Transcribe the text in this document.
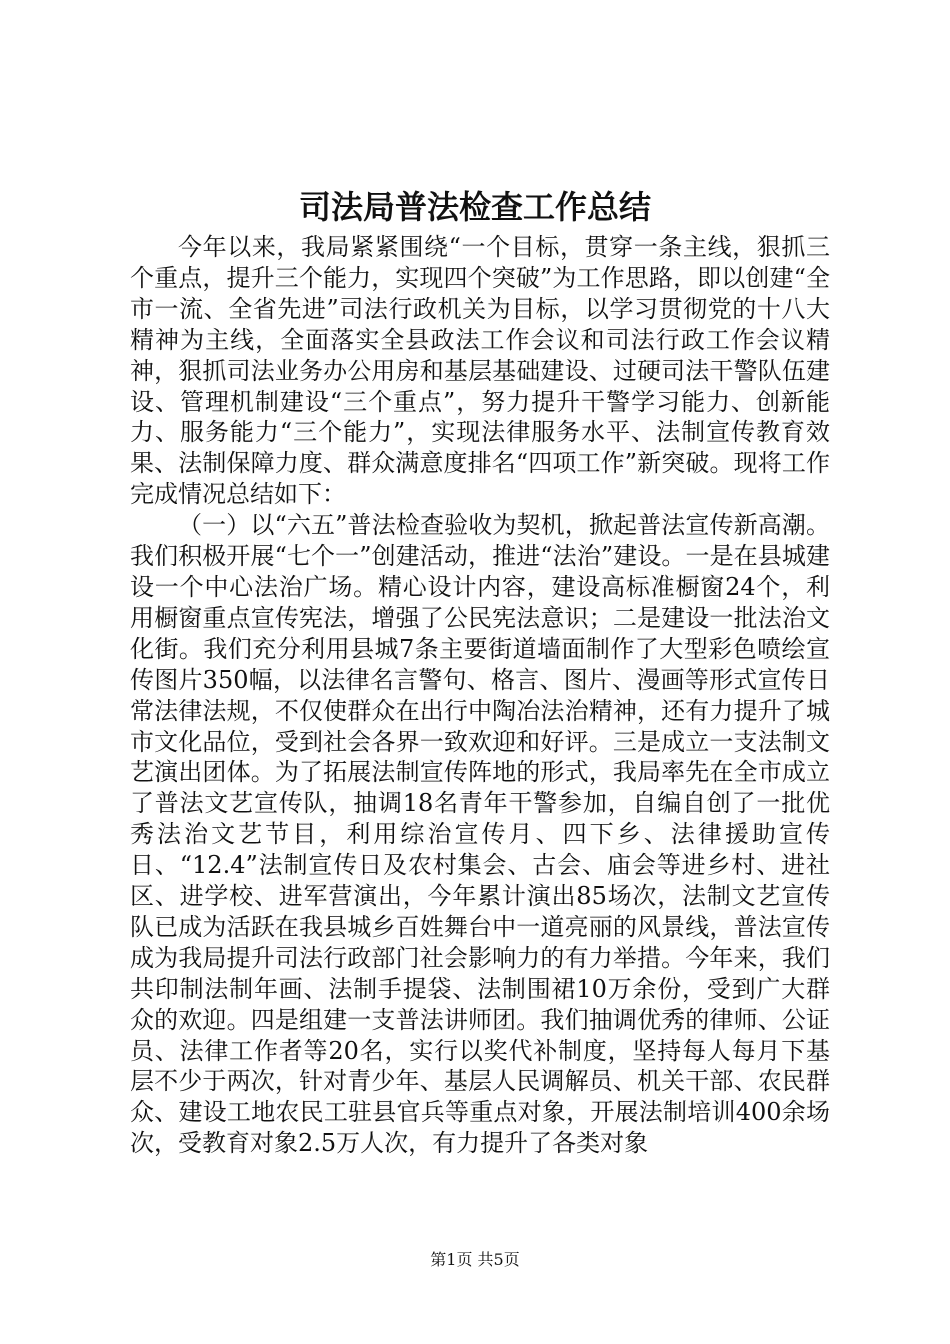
司法局普法检查工作总结

今年以来，我局紧紧围绕“一个目标，贯穿一条主线，狠抓三个重点，提升三个能力，实现四个突破”为工作思路，即以创建“全市一流、全省先进”司法行政机关为目标，以学习贯彻党的十八大精神为主线，全面落实全县政法工作会议和司法行政工作会议精神，狠抓司法业务办公用房和基层基础建设、过硬司法干警队伍建设、管理机制建设“三个重点”，努力提升干警学习能力、创新能力、服务能力“三个能力”，实现法律服务水平、法制宣传教育效果、法制保障力度、群众满意度排名“四项工作”新突破。现将工作完成情况总结如下：

（一）以“六五”普法检查验收为契机，掀起普法宣传新高潮。我们积极开展“七个一”创建活动，推进“法治”建设。一是在县城建设一个中心法治广场。精心设计内容，建设高标准橱窗24个，利用橱窗重点宣传宪法，增强了公民宪法意识；二是建设一批法治文化街。我们充分利用县城7条主要街道墙面制作了大型彩色喷绘宣传图片350幅，以法律名言警句、格言、图片、漫画等形式宣传日常法律法规，不仅使群众在出行中陶冶法治精神，还有力提升了城市文化品位，受到社会各界一致欢迎和好评。三是成立一支法制文艺演出团体。为了拓展法制宣传阵地的形式，我局率先在全市成立了普法文艺宣传队，抽调18名青年干警参加，自编自创了一批优秀法治文艺节目，利用综治宣传月、四下乡、法律援助宣传日、“12.4”法制宣传日及农村集会、古会、庙会等进乡村、进社区、进学校、进军营演出，今年累计演出85场次，法制文艺宣传队已成为活跃在我县城乡百姓舞台中一道亮丽的风景线，普法宣传成为我局提升司法行政部门社会影响力的有力举措。今年来，我们共印制法制年画、法制手提袋、法制围裙10万余份，受到广大群众的欢迎。四是组建一支普法讲师团。我们抽调优秀的律师、公证员、法律工作者等20名，实行以奖代补制度，坚持每人每月下基层不少于两次，针对青少年、基层人民调解员、机关干部、农民群众、建设工地农民工驻县官兵等重点对象，开展法制培训400余场次，受教育对象2.5万人次，有力提升了各类对象

第1页 共5页
